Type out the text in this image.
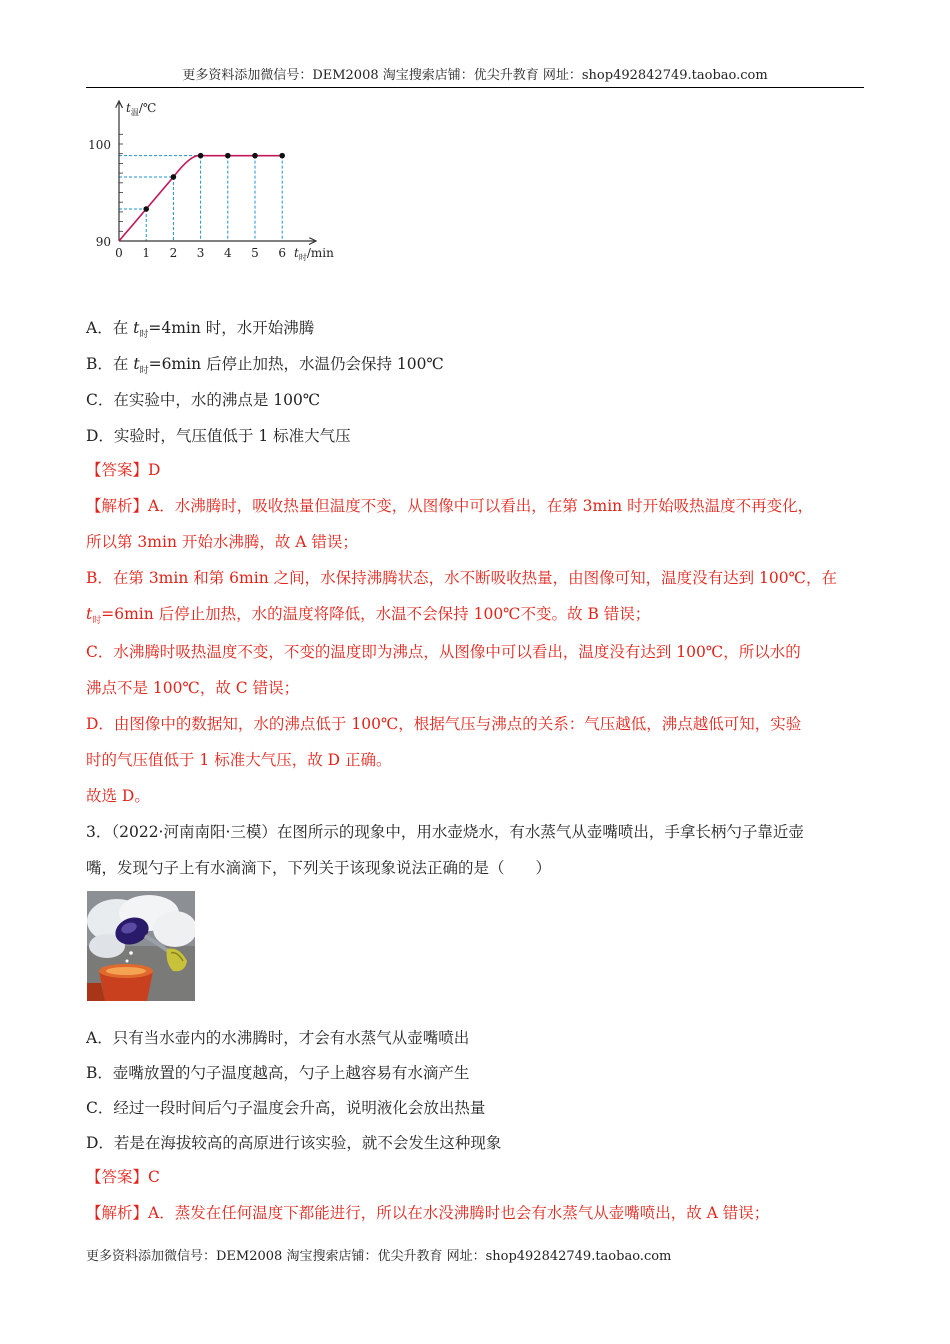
更多资料添加微信号：DEM2008 淘宝搜索店铺：优尖升教育 网址：shop492842749.taobao.com
0 1 2 3 4 5 6
90
100
$t_温/℃$
$t_时/\min$
A．在 $t_时=4\min$ 时，水开始沸腾
B．在 $t_时=6\min$ 后停止加热，水温仍会保持 100℃
C．在实验中，水的沸点是 100℃
D．实验时，气压值低于 1 标准大气压
【答案】D
【解析】A．水沸腾时，吸收热量但温度不变，从图像中可以看出，在第 3min 时开始吸热温度不再变化，
所以第 3min 开始水沸腾，故 A 错误；
B．在第 3min 和第 6min 之间，水保持沸腾状态，水不断吸收热量，由图像可知，温度没有达到 100℃，在
$t_时=6\min$ 后停止加热，水的温度将降低，水温不会保持 100℃不变。故 B 错误；
C．水沸腾时吸热温度不变，不变的温度即为沸点，从图像中可以看出，温度没有达到 100℃，所以水的
沸点不是 100℃，故 C 错误；
D．由图像中的数据知，水的沸点低于 100℃，根据气压与沸点的关系：气压越低，沸点越低可知，实验
时的气压值低于 1 标准大气压，故 D 正确。
故选 D。
3．（2022·河南南阳·三模）在图所示的现象中，用水壶烧水，有水蒸气从壶嘴喷出，手拿长柄勺子靠近壶
嘴，发现勺子上有水滴滴下，下列关于该现象说法正确的是（　　）
A．只有当水壶内的水沸腾时，才会有水蒸气从壶嘴喷出
B．壶嘴放置的勺子温度越高，勺子上越容易有水滴产生
C．经过一段时间后勺子温度会升高，说明液化会放出热量
D．若是在海拔较高的高原进行该实验，就不会发生这种现象
【答案】C
【解析】A．蒸发在任何温度下都能进行，所以在水没沸腾时也会有水蒸气从壶嘴喷出，故 A 错误；
更多资料添加微信号：DEM2008 淘宝搜索店铺：优尖升教育 网址：shop492842749.taobao.com
